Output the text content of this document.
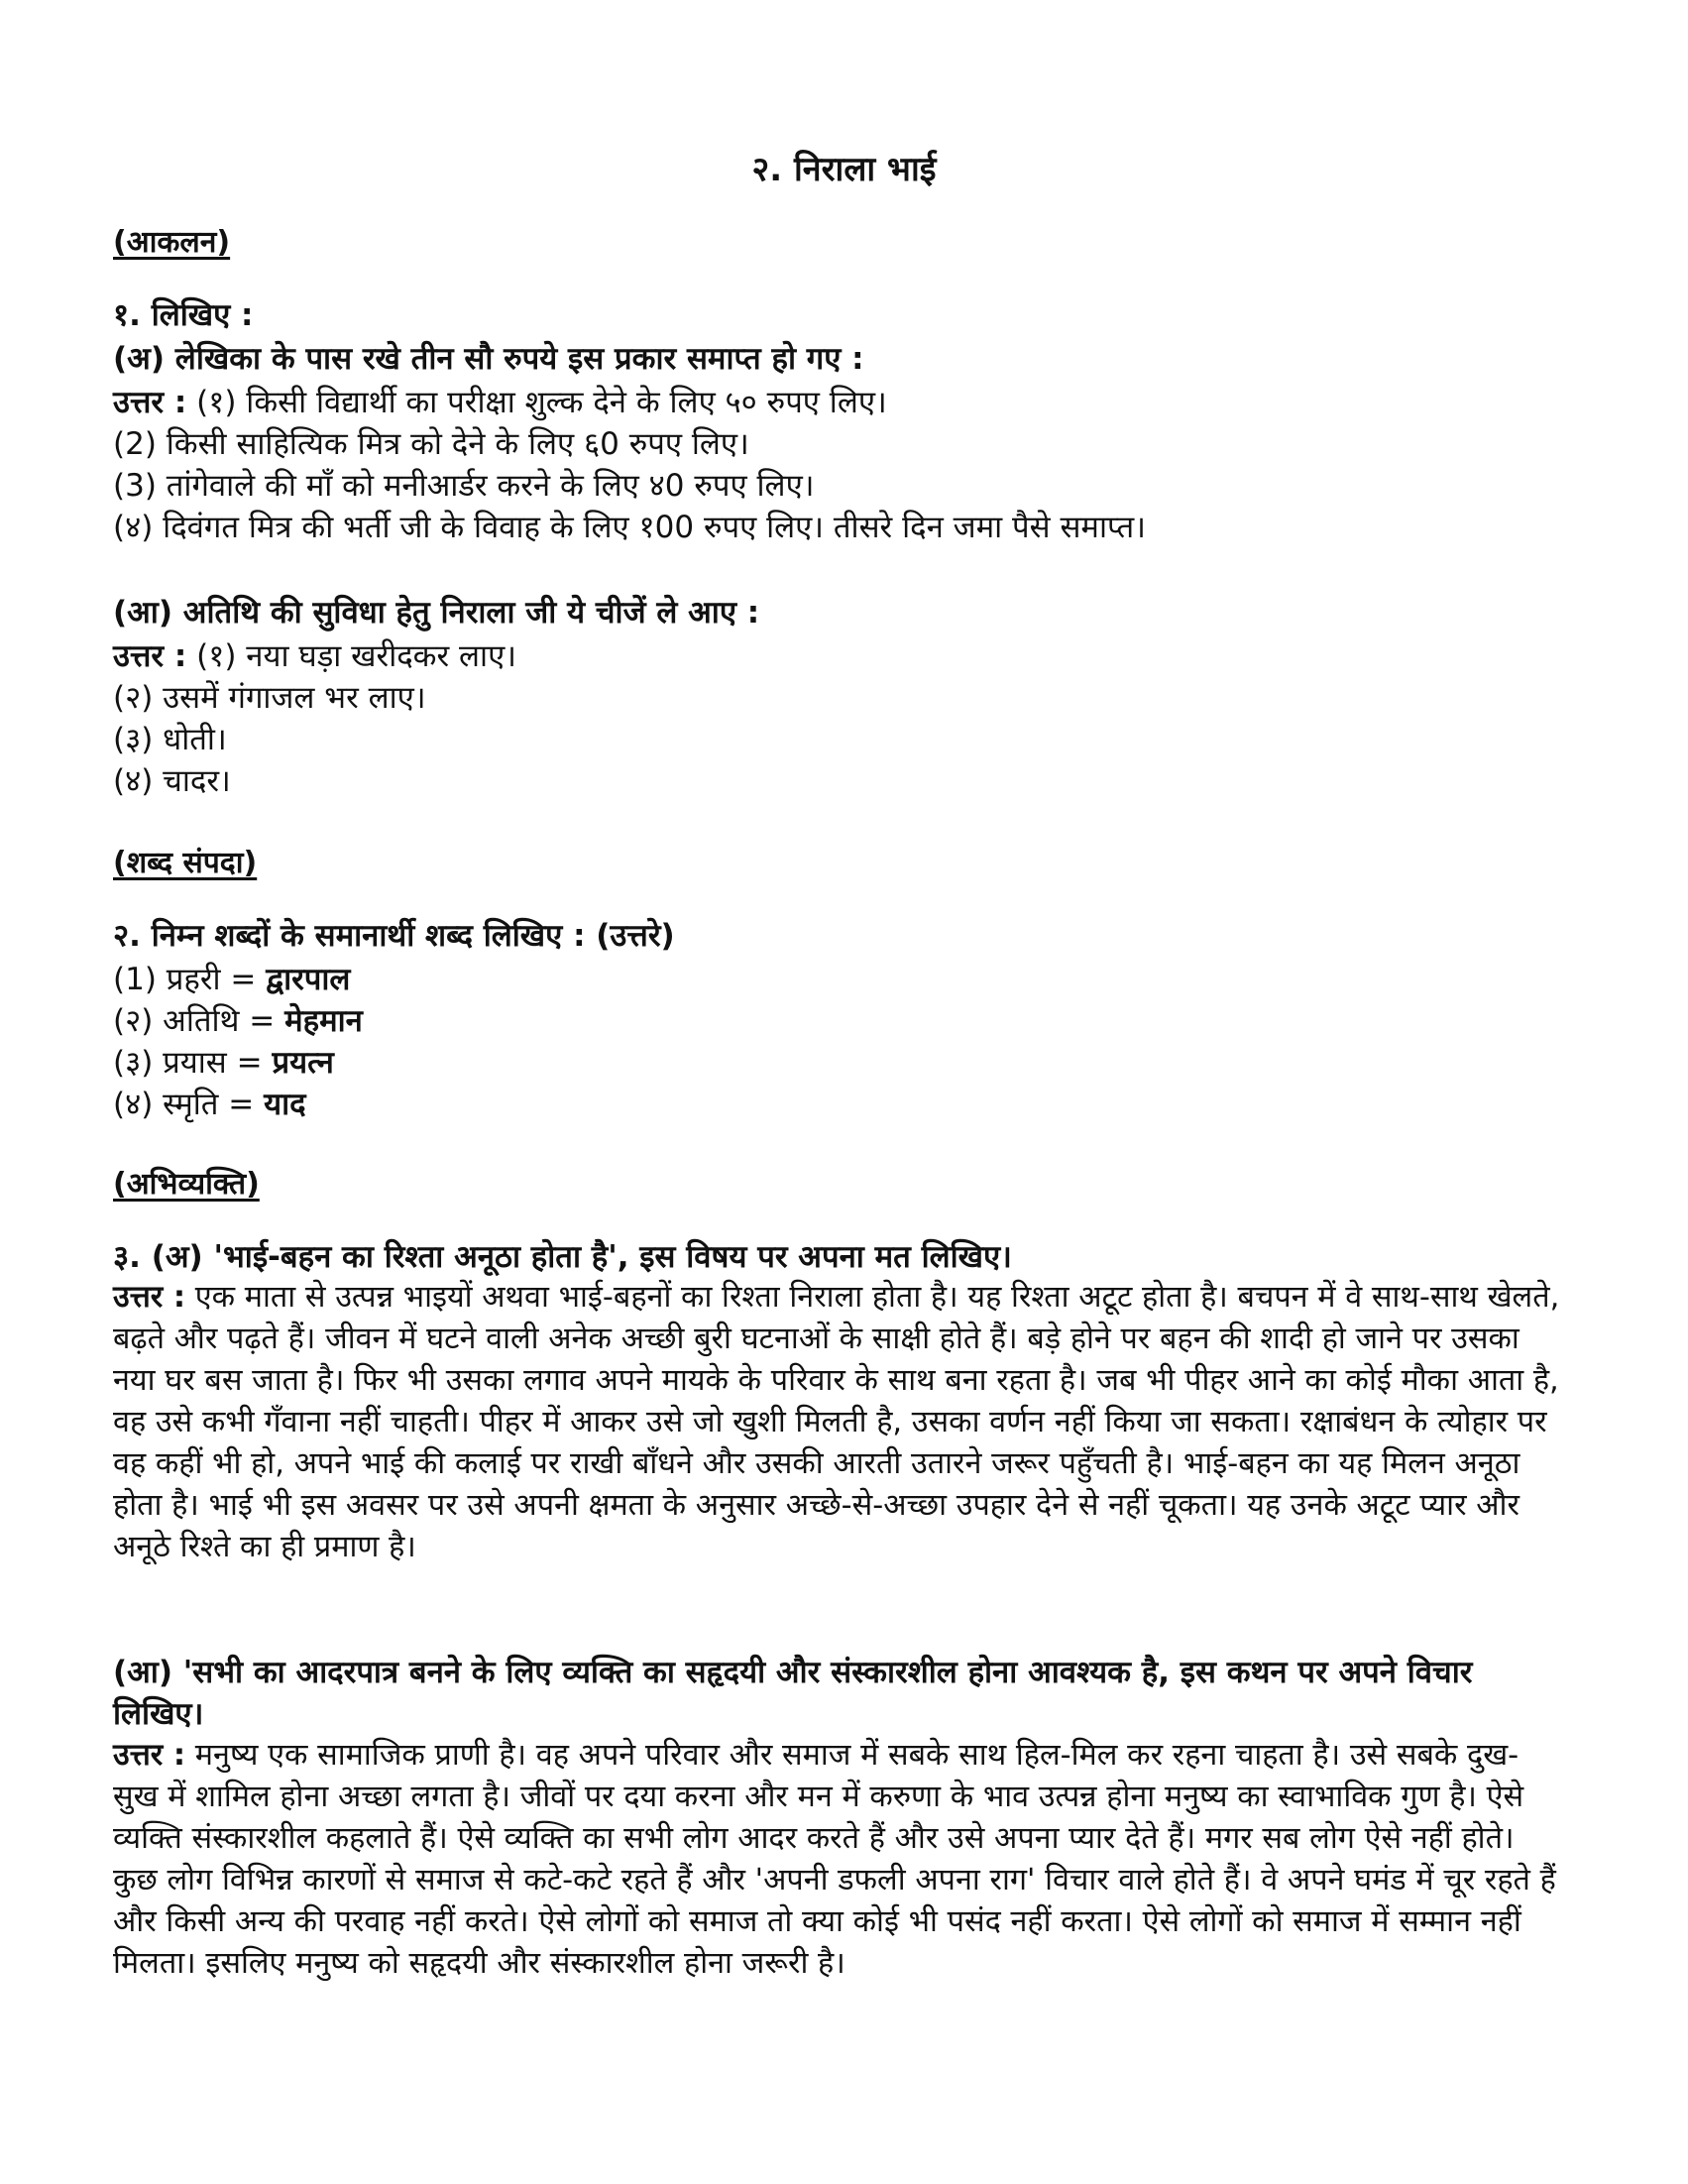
२. निराला भाई

(आकलन)

१. लिखिए :

(अ) लेखिका के पास रखे तीन सौ रुपये इस प्रकार समाप्त हो गए :

उत्तर : (१) किसी विद्यार्थी का परीक्षा शुल्क देने के लिए ५० रुपए लिए।

(2) किसी साहित्यिक मित्र को देने के लिए ६0 रुपए लिए।

(3) तांगेवाले की माँ को मनीआर्डर करने के लिए ४0 रुपए लिए।

(४) दिवंगत मित्र की भर्ती जी के विवाह के लिए १00 रुपए लिए। तीसरे दिन जमा पैसे समाप्त।

(आ) अतिथि की सुविधा हेतु निराला जी ये चीजें ले आए :

उत्तर : (१) नया घड़ा खरीदकर लाए।

(२) उसमें गंगाजल भर लाए।

(३) धोती।

(४) चादर।

(शब्द संपदा)

२. निम्न शब्दों के समानार्थी शब्द लिखिए : (उत्तरे)

(1) प्रहरी = द्वारपाल

(२) अतिथि = मेहमान

(३) प्रयास = प्रयत्न

(४) स्मृति = याद

(अभिव्यक्ति)

३. (अ) 'भाई-बहन का रिश्ता अनूठा होता है', इस विषय पर अपना मत लिखिए।

उत्तर : एक माता से उत्पन्न भाइयों अथवा भाई-बहनों का रिश्ता निराला होता है। यह रिश्ता अटूट होता है। बचपन में वे साथ-साथ खेलते, बढ़ते और पढ़ते हैं। जीवन में घटने वाली अनेक अच्छी बुरी घटनाओं के साक्षी होते हैं। बड़े होने पर बहन की शादी हो जाने पर उसका नया घर बस जाता है। फिर भी उसका लगाव अपने मायके के परिवार के साथ बना रहता है। जब भी पीहर आने का कोई मौका आता है, वह उसे कभी गँवाना नहीं चाहती। पीहर में आकर उसे जो खुशी मिलती है, उसका वर्णन नहीं किया जा सकता। रक्षाबंधन के त्योहार पर वह कहीं भी हो, अपने भाई की कलाई पर राखी बाँधने और उसकी आरती उतारने जरूर पहुँचती है। भाई-बहन का यह मिलन अनूठा होता है। भाई भी इस अवसर पर उसे अपनी क्षमता के अनुसार अच्छे-से-अच्छा उपहार देने से नहीं चूकता। यह उनके अटूट प्यार और अनूठे रिश्ते का ही प्रमाण है।

(आ) 'सभी का आदरपात्र बनने के लिए व्यक्ति का सहृदयी और संस्कारशील होना आवश्यक है, इस कथन पर अपने विचार लिखिए।

उत्तर : मनुष्य एक सामाजिक प्राणी है। वह अपने परिवार और समाज में सबके साथ हिल-मिल कर रहना चाहता है। उसे सबके दुख-सुख में शामिल होना अच्छा लगता है। जीवों पर दया करना और मन में करुणा के भाव उत्पन्न होना मनुष्य का स्वाभाविक गुण है। ऐसे व्यक्ति संस्कारशील कहलाते हैं। ऐसे व्यक्ति का सभी लोग आदर करते हैं और उसे अपना प्यार देते हैं। मगर सब लोग ऐसे नहीं होते। कुछ लोग विभिन्न कारणों से समाज से कटे-कटे रहते हैं और 'अपनी डफली अपना राग' विचार वाले होते हैं। वे अपने घमंड में चूर रहते हैं और किसी अन्य की परवाह नहीं करते। ऐसे लोगों को समाज तो क्या कोई भी पसंद नहीं करता। ऐसे लोगों को समाज में सम्मान नहीं मिलता। इसलिए मनुष्य को सहृदयी और संस्कारशील होना जरूरी है।
